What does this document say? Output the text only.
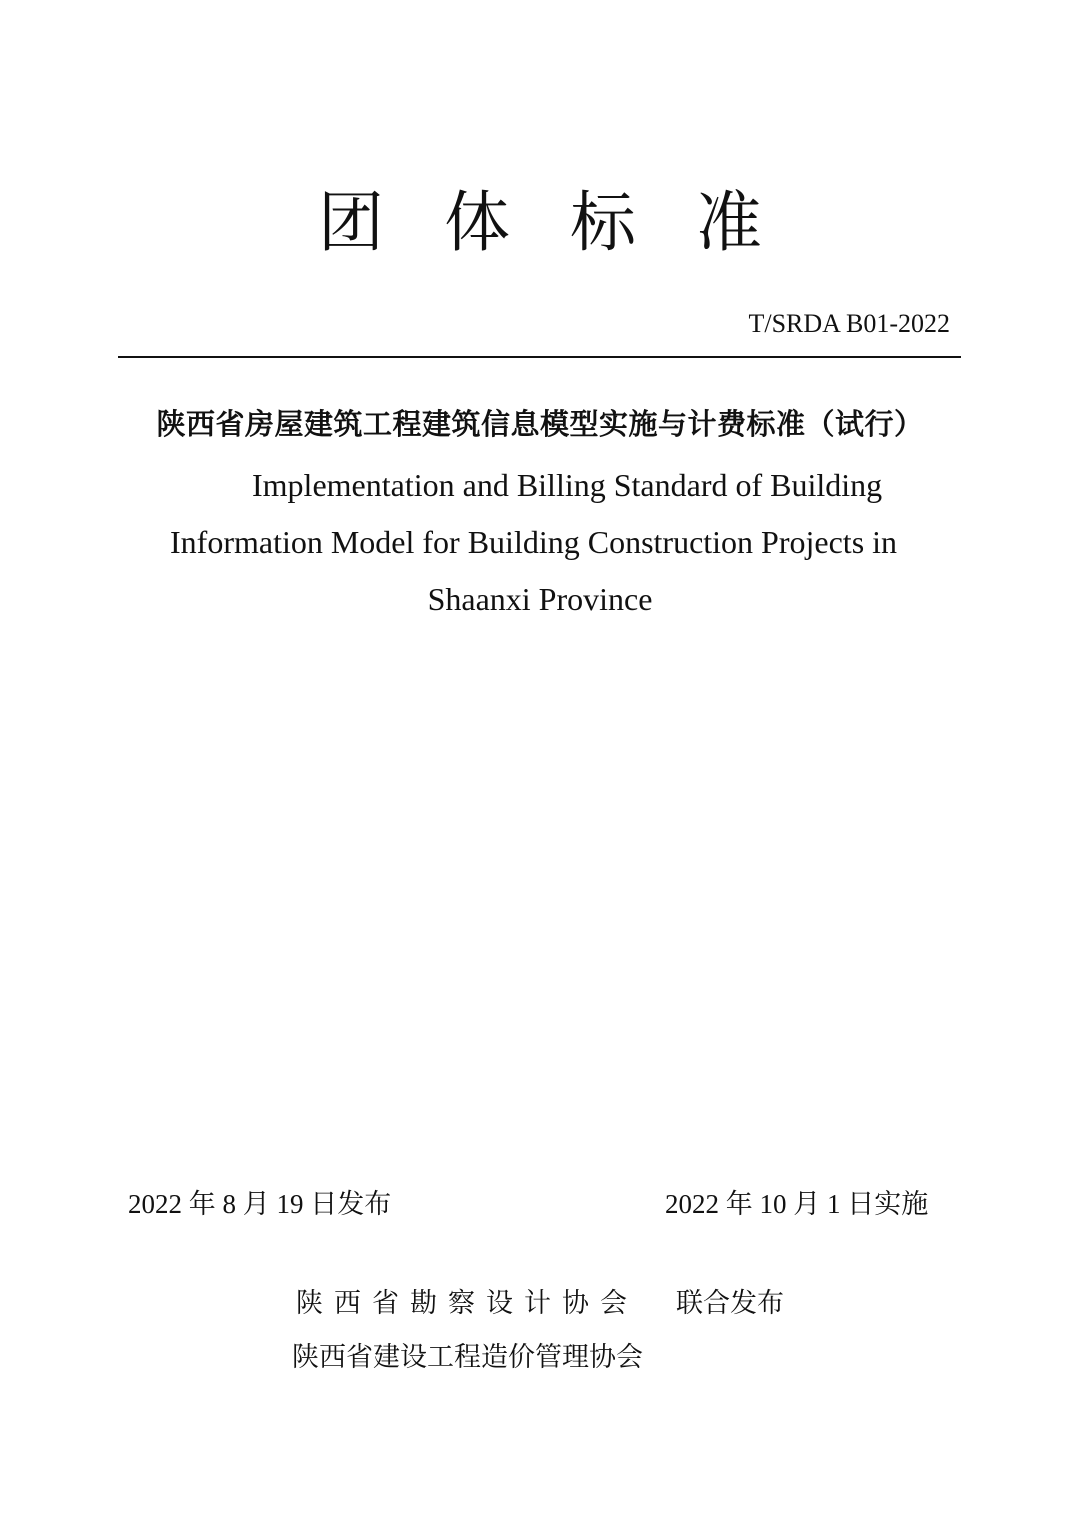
团 体 标 准
T/SRDA B01-2022
陕西省房屋建筑工程建筑信息模型实施与计费标准（试行）
Implementation and Billing Standard of Building
Information Model for Building Construction Projects in
Shaanxi Province
2022 年 8 月 19 日发布	2022 年 10 月 1 日实施
陕西省勘察设计协会 联合发布
陕西省建设工程造价管理协会
